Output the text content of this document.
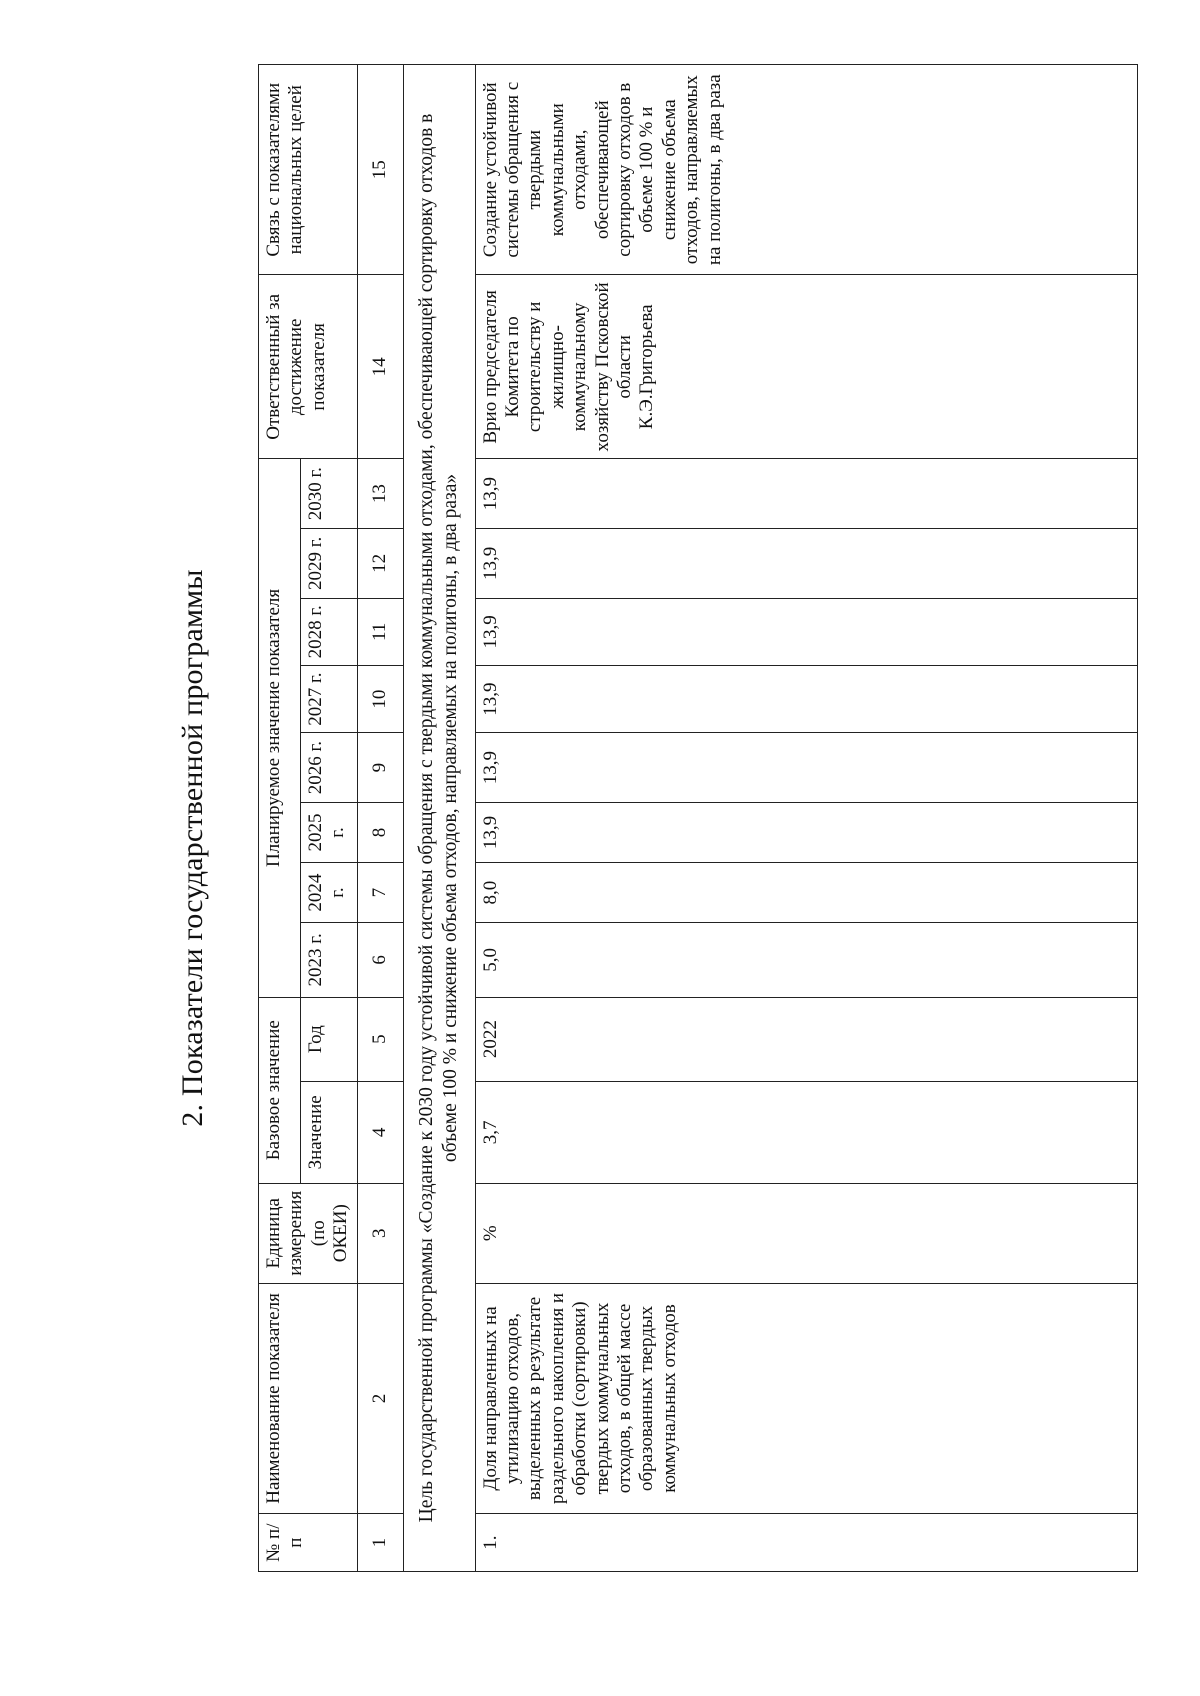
2. Показатели государственной программы
№ п/п	Наименование показателя	Единица измерения (по ОКЕИ)	Базовое значение		Планируемое значение показателя								Ответственный за достижение показателя	Связь с показателями национальных целей
			Значение	Год	2023 г.	2024 г.	2025 г.	2026 г.	2027 г.	2028 г.	2029 г.	2030 г.		
1	2	3	4	5	6	7	8	9	10	11	12	13	14	15
Цель государственной программы «Создание к 2030 году устойчивой системы обращения с твердыми коммунальными отходами, обеспечивающей сортировку отходов в объеме 100 % и снижение объема отходов, направляемых на полигоны, в два раза»														
1.	Доля направленных на утилизацию отходов, выделенных в результате раздельного накопления и обработки (сортировки) твердых коммунальных отходов, в общей массе образованных твердых коммунальных отходов	%	3,7	2022	5,0	8,0	13,9	13,9	13,9	13,9	13,9	13,9	Врио председателя Комитета по строительству и жилищно-коммунальному хозяйству Псковской области К.Э.Григорьева	Создание устойчивой системы обращения с твердыми коммунальными отходами, обеспечивающей сортировку отходов в объеме 100 % и снижение объема отходов, направляемых на полигоны, в два раза
